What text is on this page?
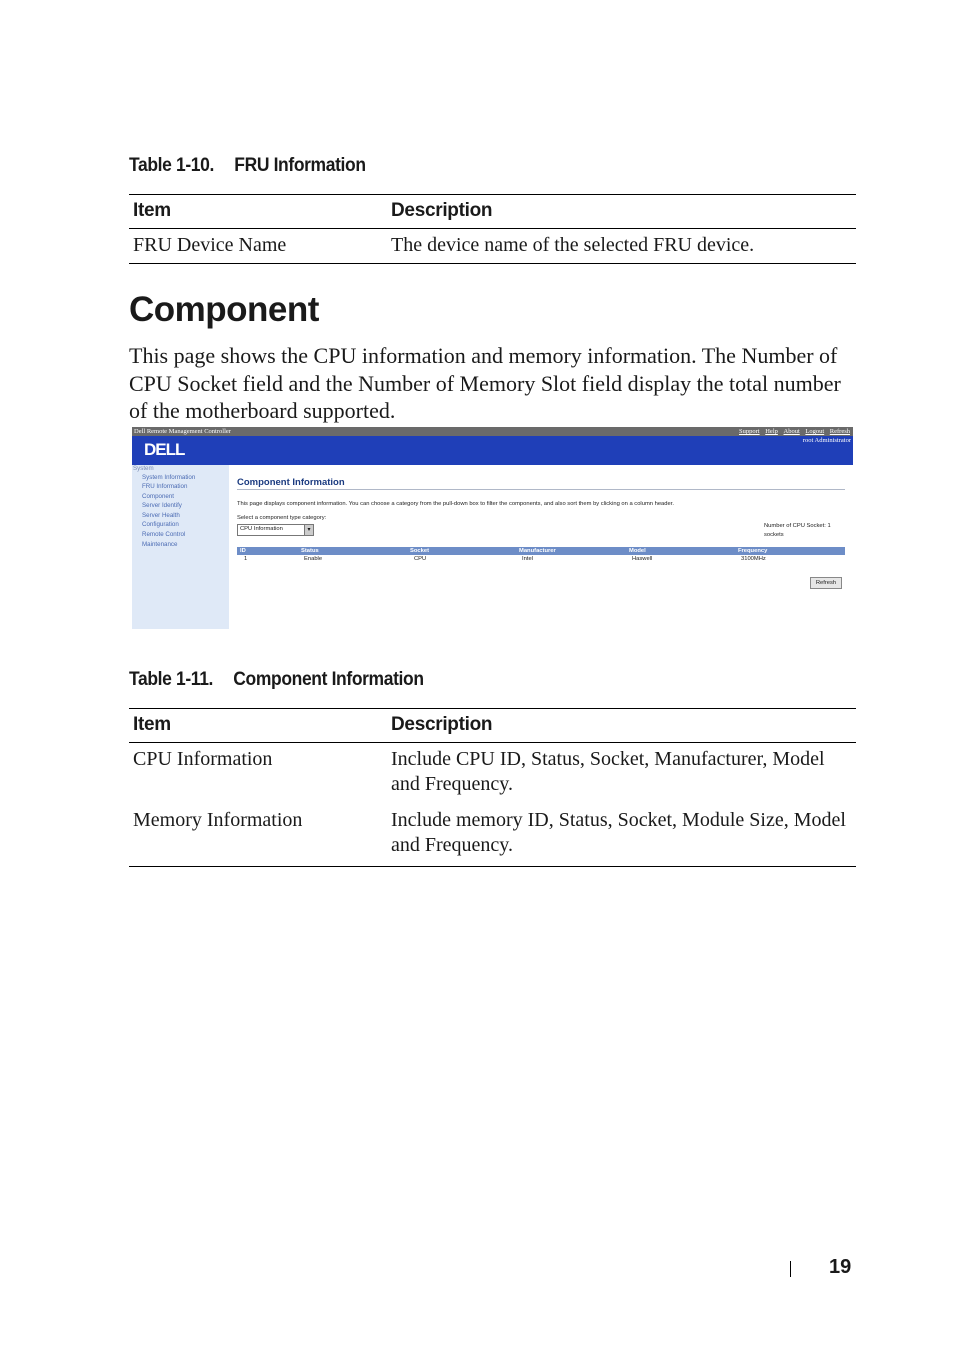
Table 1-10. FRU Information
Item	Description
FRU Device Name	The device name of the selected FRU device.
Component
This page shows the CPU information and memory information. The Number of CPU Socket field and the Number of Memory Slot field display the total number of the motherboard supported.
Dell Remote Management Controller	Support Help About Logout Refresh
DELL	root Administrator
System
System Information
FRU Information
Component
Server Identify
Server Health
Configuration
Remote Control
Maintenance
Component Information
This page displays component information. You can choose a category from the pull-down box to filter the components, and also sort them by clicking on a column header.
Select a component type category:
CPU Information	▾
Number of CPU Socket: 1
sockets
ID	Status	Socket	Manufacturer	Model	Frequency
1	Enable	CPU	Intel	Haswell	3100MHz
Refresh
Table 1-11. Component Information
Item	Description
CPU Information	Include CPU ID, Status, Socket, Manufacturer, Model and Frequency.
Memory Information	Include memory ID, Status, Socket, Module Size, Model and Frequency.
19
